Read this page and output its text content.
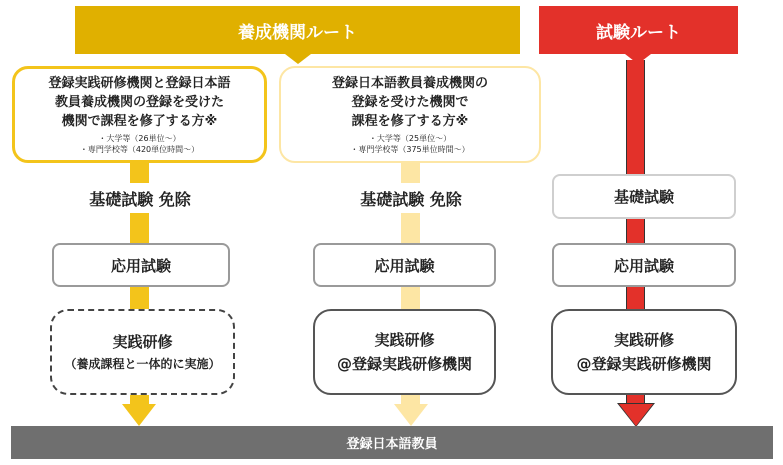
養成機関ルート	試験ルート
登録実践研修機関と登録日本語
教員養成機関の登録を受けた
機関で課程を修了する方※
・大学等（26単位〜）
・専門学校等（420単位時間〜）
登録日本語教員養成機関の
登録を受けた機関で
課程を修了する方※
・大学等（25単位〜）
・専門学校等（375単位時間〜）
基礎試験 免除	基礎試験 免除	基礎試験
応用試験	応用試験	応用試験
実践研修
（養成課程と一体的に実施）
実践研修
@登録実践研修機関
実践研修
@登録実践研修機関
登録日本語教員
